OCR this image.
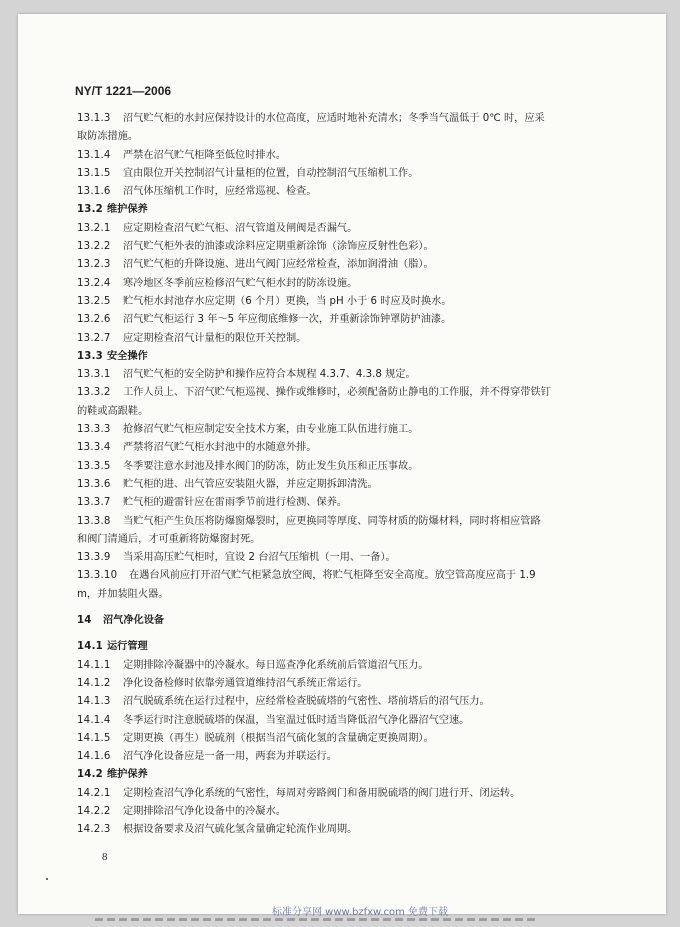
NY/T 1221—2006
13.1.3 沼气贮气柜的水封应保持设计的水位高度，应适时地补充清水；冬季当气温低于 0℃ 时，应采
取防冻措施。
13.1.4 严禁在沼气贮气柜降至低位时排水。
13.1.5 宜由限位开关控制沼气计量柜的位置，自动控制沼气压缩机工作。
13.1.6 沼气体压缩机工作时，应经常巡视、检查。
13.2 维护保养
13.2.1 应定期检查沼气贮气柜、沼气管道及闸阀是否漏气。
13.2.2 沼气贮气柜外表的油漆或涂料应定期重新涂饰（涂饰应反射性色彩）。
13.2.3 沼气贮气柜的升降设施、进出气阀门应经常检查，添加润滑油（脂）。
13.2.4 寒冷地区冬季前应检修沼气贮气柜水封的防冻设施。
13.2.5 贮气柜水封池存水应定期（6 个月）更换，当 pH 小于 6 时应及时换水。
13.2.6 沼气贮气柜运行 3 年～5 年应彻底维修一次，并重新涂饰钟罩防护油漆。
13.2.7 应定期检查沼气计量柜的限位开关控制。
13.3 安全操作
13.3.1 沼气贮气柜的安全防护和操作应符合本规程 4.3.7、4.3.8 规定。
13.3.2 工作人员上、下沼气贮气柜巡视、操作或维修时，必须配备防止静电的工作服，并不得穿带铁钉
的鞋或高跟鞋。
13.3.3 抢修沼气贮气柜应制定安全技术方案，由专业施工队伍进行施工。
13.3.4 严禁将沼气贮气柜水封池中的水随意外排。
13.3.5 冬季要注意水封池及排水阀门的防冻，防止发生负压和正压事故。
13.3.6 贮气柜的进、出气管应安装阻火器，并应定期拆卸清洗。
13.3.7 贮气柜的避雷针应在雷雨季节前进行检测、保养。
13.3.8 当贮气柜产生负压将防爆窗爆裂时，应更换同等厚度、同等材质的防爆材料，同时将相应管路
和阀门清通后，才可重新将防爆窗封死。
13.3.9 当采用高压贮气柜时，宜设 2 台沼气压缩机（一用、一备）。
13.3.10 在遇台风前应打开沼气贮气柜紧急放空阀，将贮气柜降至安全高度。放空管高度应高于 1.9
m，并加装阻火器。
14 沼气净化设备
14.1 运行管理
14.1.1 定期排除冷凝器中的冷凝水。每日巡查净化系统前后管道沼气压力。
14.1.2 净化设备检修时依靠旁通管道维持沼气系统正常运行。
14.1.3 沼气脱硫系统在运行过程中，应经常检查脱硫塔的气密性、塔前塔后的沼气压力。
14.1.4 冬季运行时注意脱硫塔的保温，当室温过低时适当降低沼气净化器沼气空速。
14.1.5 定期更换（再生）脱硫剂（根据当沼气硫化氢的含量确定更换周期）。
14.1.6 沼气净化设备应是一备一用，两套为并联运行。
14.2 维护保养
14.2.1 定期检查沼气净化系统的气密性，每周对旁路阀门和备用脱硫塔的阀门进行开、闭运转。
14.2.2 定期排除沼气净化设备中的冷凝水。
14.2.3 根据设备要求及沼气硫化氢含量确定轮流作业周期。
8
标准分享网 www.bzfxw.com 免费下载
